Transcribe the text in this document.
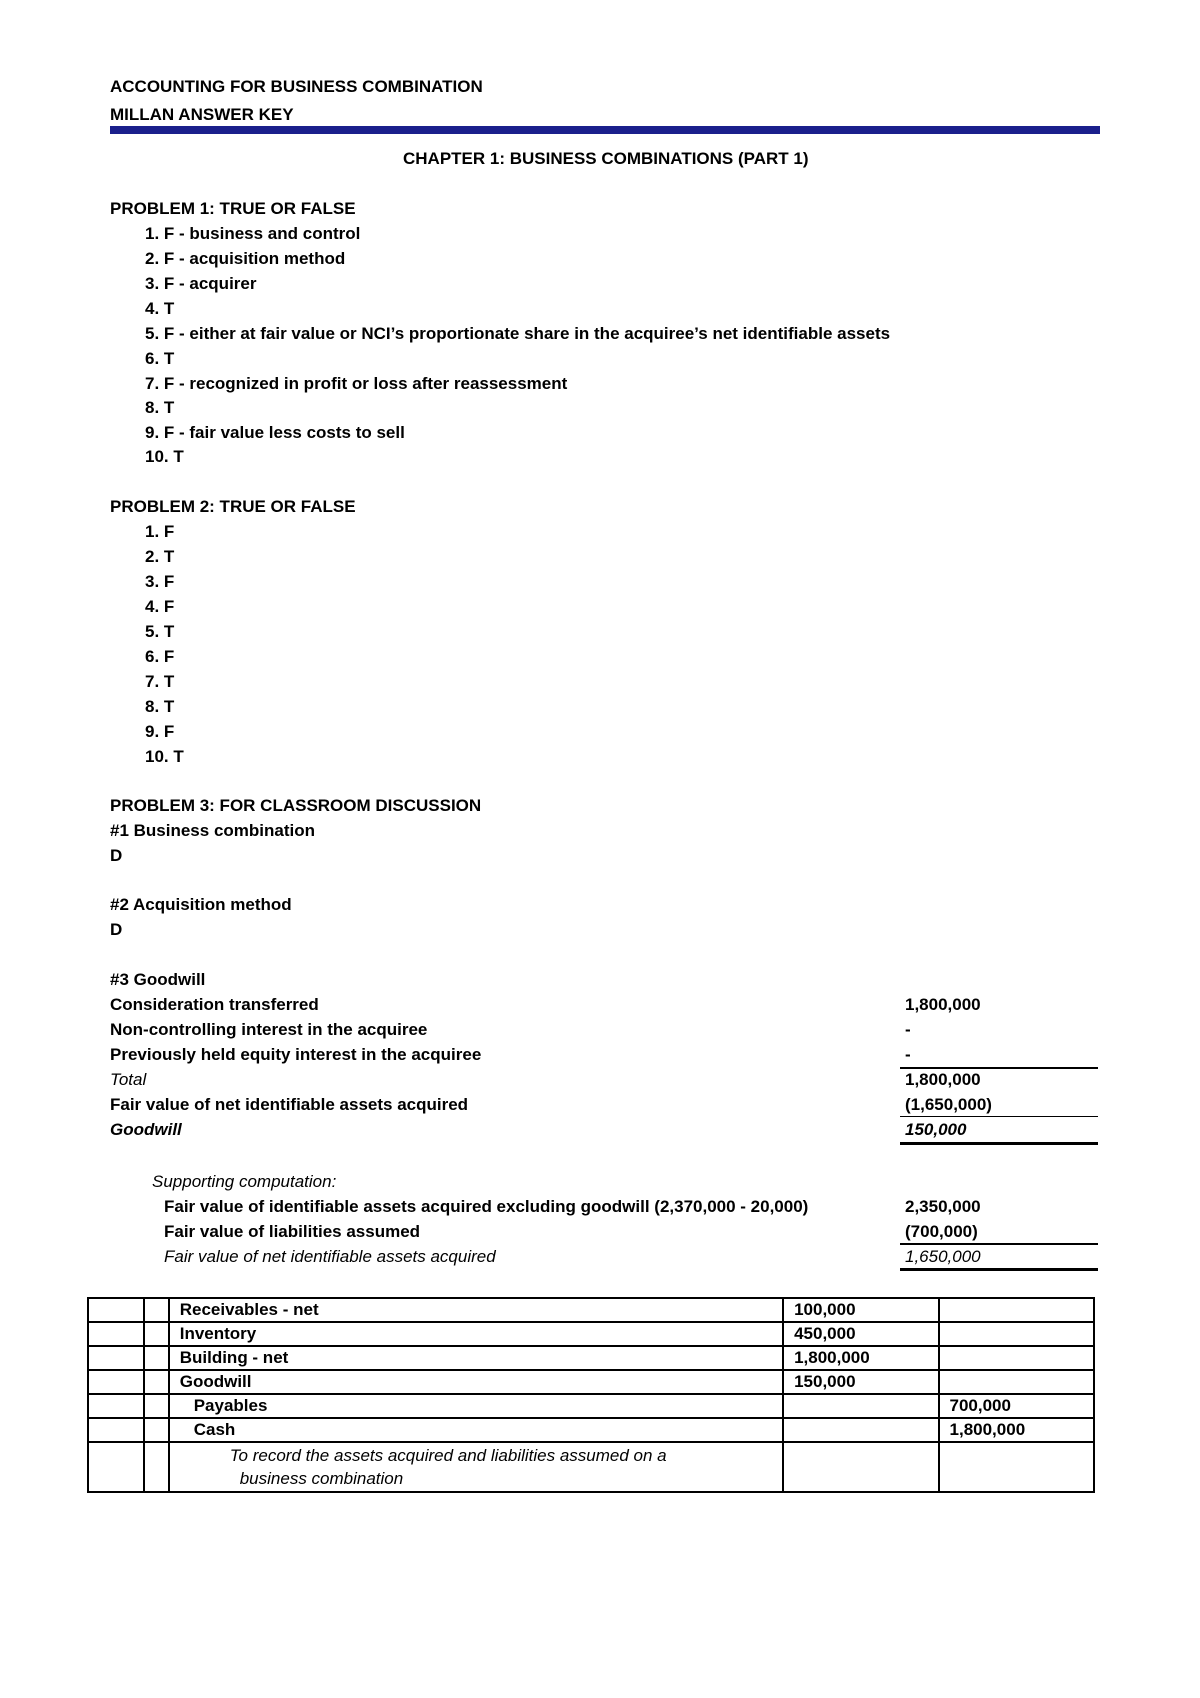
ACCOUNTING FOR BUSINESS COMBINATION
MILLAN ANSWER KEY
CHAPTER 1: BUSINESS COMBINATIONS (PART 1)
PROBLEM 1: TRUE OR FALSE
1. F - business and control
2. F - acquisition method
3. F - acquirer
4. T
5. F - either at fair value or NCI’s proportionate share in the acquiree’s net identifiable assets
6. T
7. F - recognized in profit or loss after reassessment
8. T
9. F - fair value less costs to sell
10. T
PROBLEM 2: TRUE OR FALSE
1. F
2. T
3. F
4. F
5. T
6. F
7. T
8. T
9. F
10. T
PROBLEM 3: FOR CLASSROOM DISCUSSION
#1 Business combination
D
#2 Acquisition method
D
#3 Goodwill
Consideration transferred	1,800,000
Non-controlling interest in the acquiree	-
Previously held equity interest in the acquiree	-
Total	1,800,000
Fair value of net identifiable assets acquired	(1,650,000)
Goodwill	150,000
Supporting computation:
Fair value of identifiable assets acquired excluding goodwill (2,370,000 - 20,000)	2,350,000
Fair value of liabilities assumed	(700,000)
Fair value of net identifiable assets acquired	1,650,000
		Receivables - net	100,000	
		Inventory	450,000	
		Building - net	1,800,000	
		Goodwill	150,000	
		Payables		700,000
		Cash		1,800,000

		To record the assets acquired and liabilities assumed on a
business combination		
